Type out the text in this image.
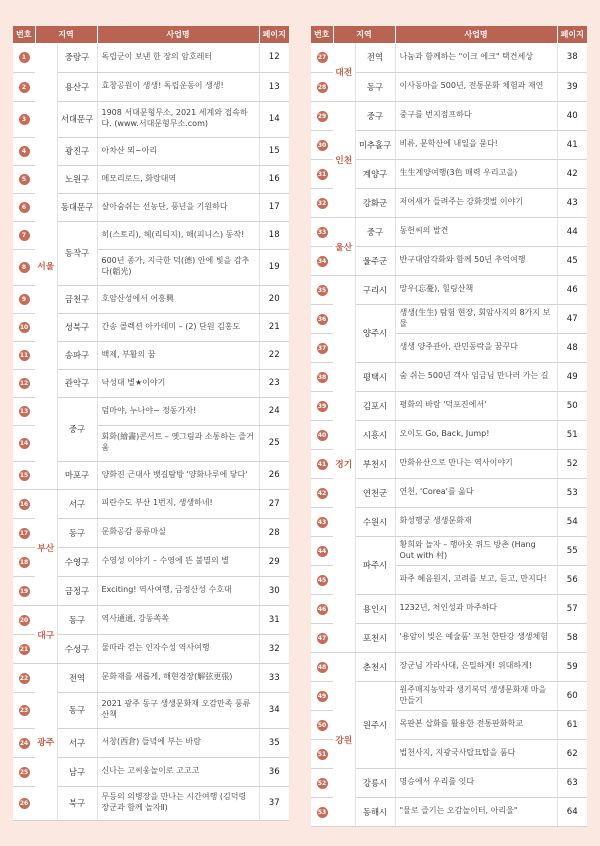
번호	지역		사업명	페이지
1	서울	중랑구	독립군이 보낸 한 장의 암호레터	12
2		용산구	효창공원이 생생! 독립운동이 생생!	13
3		서대문구	1908 서대문형무소, 2021 세계와 접속하다. (www.서대문형무소.com)	14
4		광진구	아차산 뫼~아리	15
5		노원구	메모리로드, 화랑대역	16
6		동대문구	살아숨쉬는 선농단, 풍년을 기원하다	17
7		동작구	히(스토리), 헤(리티지), 해(피니스) 동작!	18
8			600년 종가, 지극한 덕(德) 안에 빛을 감추다(韜光)	19
9		금천구	호암산성에서 어흥興	20
10		성북구	간송 콜렉션 아카데미 – (2) 단원 김홍도	21
11		송파구	백제, 부활의 꿈	22
12		관악구	낙성대 별★이야기	23
13		중구	덤마야, 누나야~ 정동가자!	24
14			회화(繪畵)콘서트 – 옛그림과 소통하는 즐거움	25
15		마포구	양화진 근대사 뱃길탐방 '양화나루에 닿다'	26
16	부산	서구	피란수도 부산 1번지, 생생하네!	27
17		동구	문화공감 풍류마실	28
18		수영구	수영성 이야기 – 수영에 뜬 불멸의 별	29
19		금정구	Exciting! 역사여행, 금정산성 수호대	30
20	대구	동구	역사通通, 강동쏙쏙	31
21		수성구	물따라 걷는 인자수성 역사여행	32
22	광주	전역	문화재를 새롭게, 해현경장(解弦更張)	33
23		동구	2021 광주 동구 생생문화재 오감만족 풍류산책	34
24		서구	서창(西倉) 들녘에 부는 바람	35
25		남구	신나는 고씨웅놀이로 고고고	36
26		북구	무등의 의병장을 만나는 시간여행 (김덕령 장군과 함께 놀자Ⅱ)	37
번호	지역		사업명	페이지
27	대전	전역	나눔과 함께하는 "이크 에크" 택견세상	38
28		동구	이사동마을 500년, 전통문화 체험과 재연	39
29	인천	중구	중구를 번지점프하다	40
30		미추홀구	비류, 문학산에 내일을 묻다!	41
31		계양구	生生계양여행(3色 매력 우리고을)	42
32		강화군	저어새가 들려주는 강화갯벌 이야기	43
33	울산	중구	동헌씨의 발견	44
34		울주군	반구대암각화와 함께 50년 추억여행	45
35	경기	구리시	망우(忘憂), 힐링산책	46
36		양주시	생생(生生) 탐험 현장, 회암사지의 8가지 보물	47
37			생생 양주관아, 관민동락을 꿈꾸다	48
38		평택시	숨 쉬는 500년 객사 임금님 만나러 가는 길	49
39		김포시	평화의 바람 '덕포진에서'	50
40		시흥시	오이도 Go, Back, Jump!	51
41		부천시	만화유산으로 만나는 역사이야기	52
42		연천군	연천, 'Corea'를 읊다	53
43		수원시	화성행궁 생생문화재	54
44		파주시	황희와 놀자 – 행아웃 위드 방촌 (Hang Out with 村)	55
45			파주 혜음원지, 고려를 보고, 듣고, 만지다!	56
46		용인시	1232년, 처인성과 마주하다	57
47		포천시	'용암이 빚은 예술품' 포천 한탄강 생생체험	58
48	강원	춘천시	장군님 가라사대, 은밀하게! 위대하게!	59
49		원주시	원주매지농악과 생기복덕 생생문화재 마을 만들기	60
50			목판본 삽화를 활용한 전통판화학교	61
51			법천사지, 지광국사탑묘탑을 품다	62
52		강릉시	명승에서 우리를 잇다	63
53		동해시	"물로 즐기는 오감놀이터, 아리울"	64
